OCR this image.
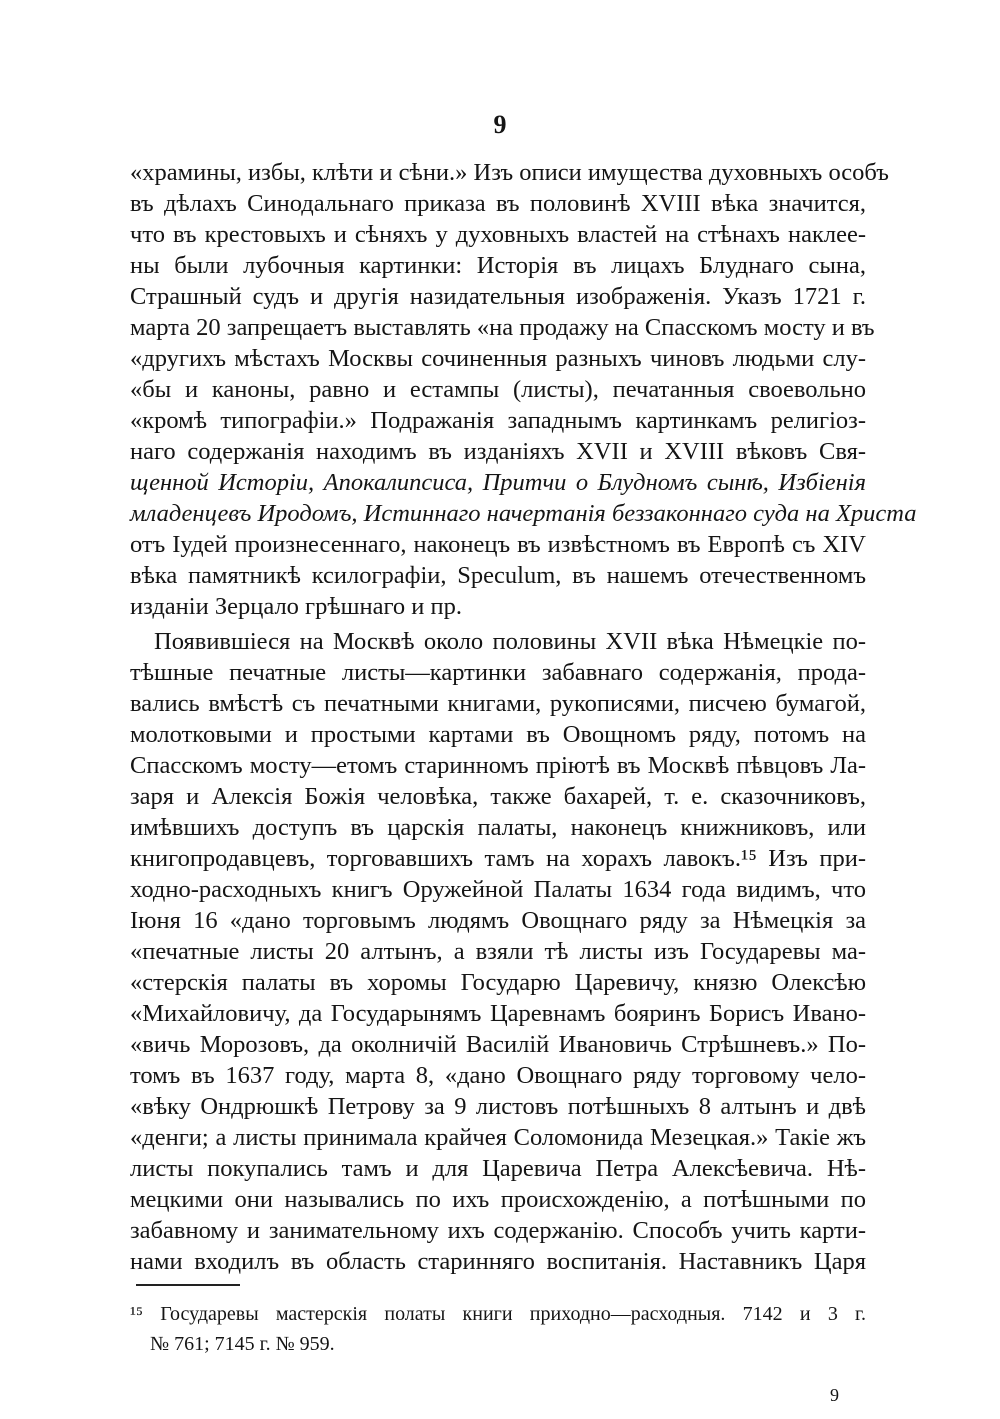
9
«храмины, избы, клѣти и сѣни.» Изъ описи имущества духовныхъ особъ
въ дѣлахъ Синодальнаго приказа въ половинѣ XVIII вѣка значится,
что въ крестовыхъ и сѣняхъ у духовныхъ властей на стѣнахъ наклее-
ны были лубочныя картинки: Исторія въ лицахъ Блуднаго сына,
Страшный судъ и другія назидательныя изображенія. Указъ 1721 г.
марта 20 запрещаетъ выставлять «на продажу на Спасскомъ мосту и въ
«другихъ мѣстахъ Москвы сочиненныя разныхъ чиновъ людьми слу-
«бы и каноны, равно и естампы (листы), печатанныя своевольно
«кромѣ типографіи.» Подражанія западнымъ картинкамъ религіоз-
наго содержанія находимъ въ изданіяхъ XVII и XVIII вѣковъ Свя-
щенной Исторіи, Апокалипсиса, Притчи о Блудномъ сынѣ, Избіенія
младенцевъ Иродомъ, Истиннаго начертанія беззаконнаго суда на Христа
отъ Іудей произнесеннаго, наконецъ въ извѣстномъ въ Европѣ съ XIV
вѣка памятникѣ ксилографіи, Speculum, въ нашемъ отечественномъ
изданіи Зерцало грѣшнаго и пр.
Появившіеся на Москвѣ около половины XVII вѣка Нѣмецкіе по-
тѣшные печатные листы—картинки забавнаго содержанія, прода-
вались вмѣстѣ съ печатными книгами, рукописями, писчею бумагой,
молотковыми и простыми картами въ Овощномъ ряду, потомъ на
Спасскомъ мосту—етомъ старинномъ пріютѣ въ Москвѣ пѣвцовъ Ла-
заря и Алексія Божія человѣка, также бахарей, т. е. сказочниковъ,
имѣвшихъ доступъ въ царскія палаты, наконецъ книжниковъ, или
книгопродавцевъ, торговавшихъ тамъ на хорахъ лавокъ.¹⁵ Изъ при-
ходно-расходныхъ книгъ Оружейной Палаты 1634 года видимъ, что
Іюня 16 «дано торговымъ людямъ Овощнаго ряду за Нѣмецкія за
«печатные листы 20 алтынъ, а взяли тѣ листы изъ Государевы ма-
«стерскія палаты въ хоромы Государю Царевичу, князю Олексѣю
«Михайловичу, да Государынямъ Царевнамъ бояринъ Борисъ Ивано-
«вичь Морозовъ, да околничій Василій Ивановичь Стрѣшневъ.» По-
томъ въ 1637 году, марта 8, «дано Овощнаго ряду торговому чело-
«вѣку Ондрюшкѣ Петрову за 9 листовъ потѣшныхъ 8 алтынъ и двѣ
«денги; а листы принимала крайчея Соломонида Мезецкая.» Такіе жъ
листы покупались тамъ и для Царевича Петра Алексѣевича. Нѣ-
мецкими они назывались по ихъ происхожденію, а потѣшными по
забавному и занимательному ихъ содержанію. Способъ учить карти-
нами входилъ въ область старинняго воспитанія. Наставникъ Царя
¹⁵ Государевы мастерскія полаты книги приходно—расходныя. 7142 и 3 г.
№ 761; 7145 г. № 959.
9
